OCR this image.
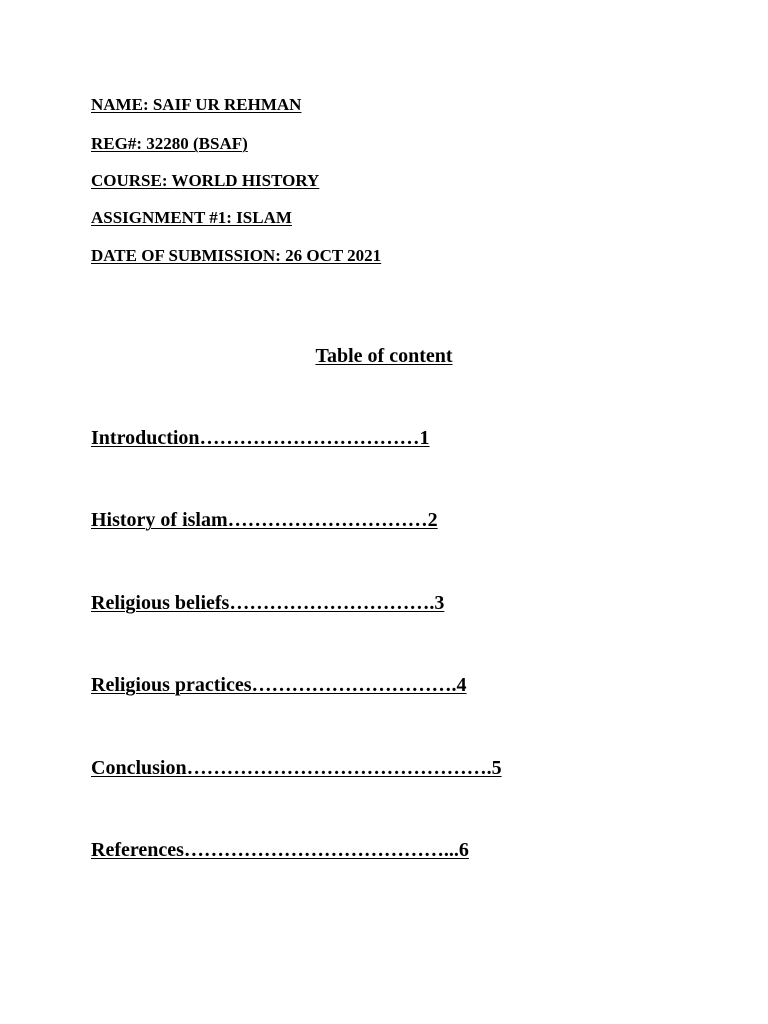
NAME: SAIF UR REHMAN
REG#: 32280 (BSAF)
COURSE: WORLD HISTORY
ASSIGNMENT #1: ISLAM
DATE OF SUBMISSION: 26 OCT 2021
Table of content
Introduction……………………………1
History of islam…………………………2
Religious beliefs………………………….3
Religious practices………………………….4
Conclusion……………………………………….5
References…………………………………...6
